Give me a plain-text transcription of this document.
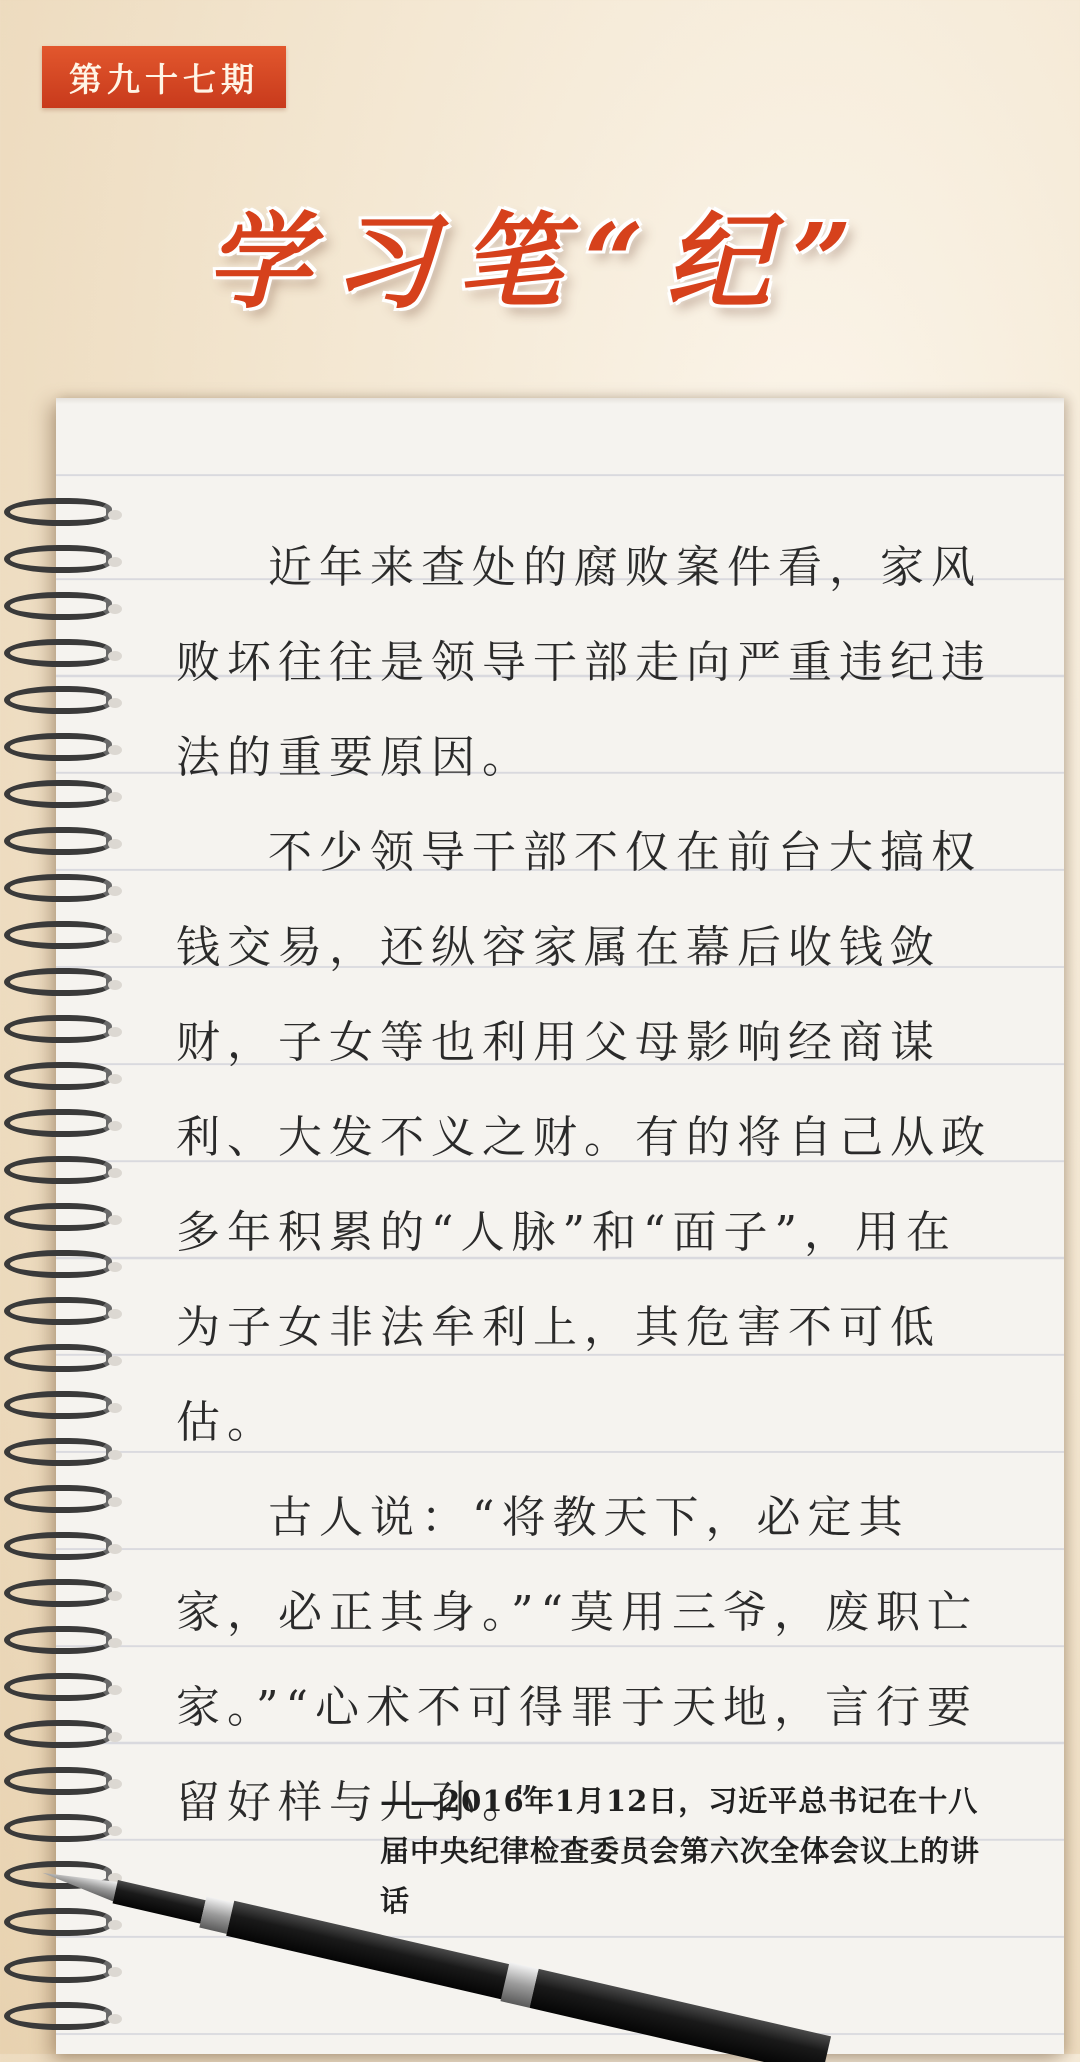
第九十七期
学习笔“纪”

近年来查处的腐败案件看，家风败坏往往是领导干部走向严重违纪违法的重要原因。

不少领导干部不仅在前台大搞权钱交易，还纵容家属在幕后收钱敛财，子女等也利用父母影响经商谋利、大发不义之财。有的将自己从政多年积累的“人脉”和“面子”，用在为子女非法牟利上，其危害不可低估。

古人说：“将教天下，必定其家，必正其身。”“莫用三爷，废职亡家。”“心术不可得罪于天地，言行要留好样与儿孙。”

——2016年1月12日，习近平总书记在十八届中央纪律检查委员会第六次全体会议上的讲话
